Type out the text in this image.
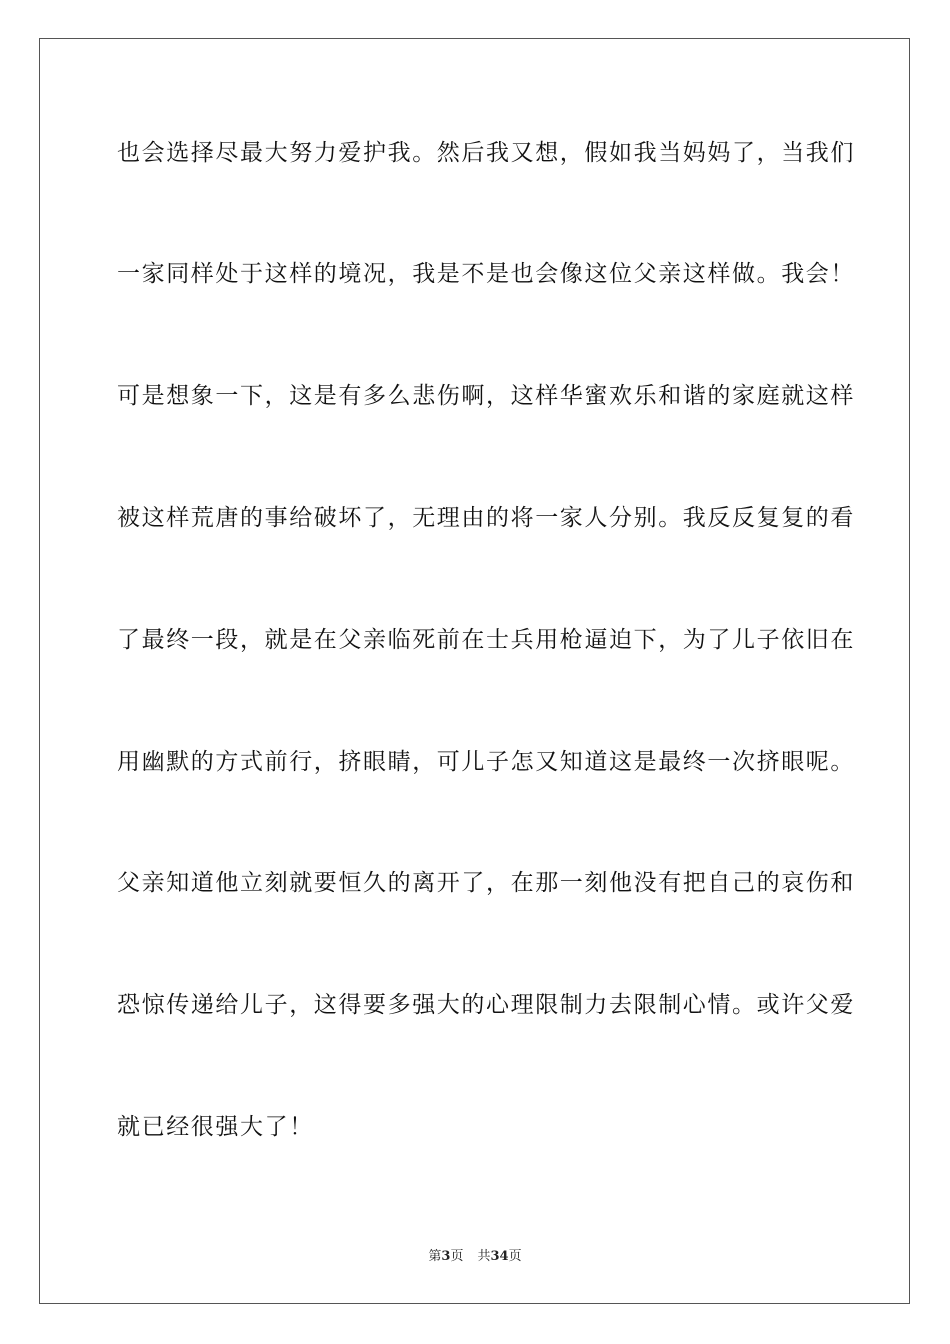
也会选择尽最大努力爱护我。然后我又想，假如我当妈妈了，当我们
一家同样处于这样的境况，我是不是也会像这位父亲这样做。我会！
可是想象一下，这是有多么悲伤啊，这样华蜜欢乐和谐的家庭就这样
被这样荒唐的事给破坏了，无理由的将一家人分别。我反反复复的看
了最终一段，就是在父亲临死前在士兵用枪逼迫下，为了儿子依旧在
用幽默的方式前行，挤眼睛，可儿子怎又知道这是最终一次挤眼呢。
父亲知道他立刻就要恒久的离开了，在那一刻他没有把自己的哀伤和
恐惊传递给儿子，这得要多强大的心理限制力去限制心情。或许父爱
就已经很强大了！
第3页 共34页
